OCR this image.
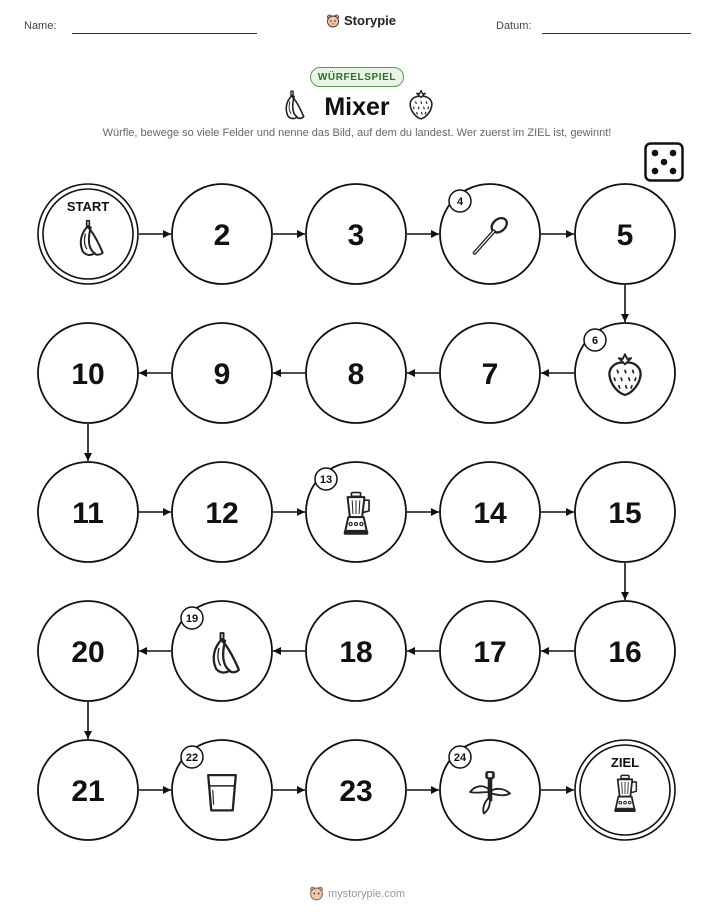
Name:	Storypie	Datum:
WÜRFELSPIEL
Mixer
Würfle, bewege so viele Felder und nenne das Bild, auf dem du landest. Wer zuerst im ZIEL ist, gewinnt!
START
2	3
4
5
6
7
8
9
10
11	12
13
14	15
16
17
18
19
20
21
22
23
24	ZIEL
mystorypie.com
